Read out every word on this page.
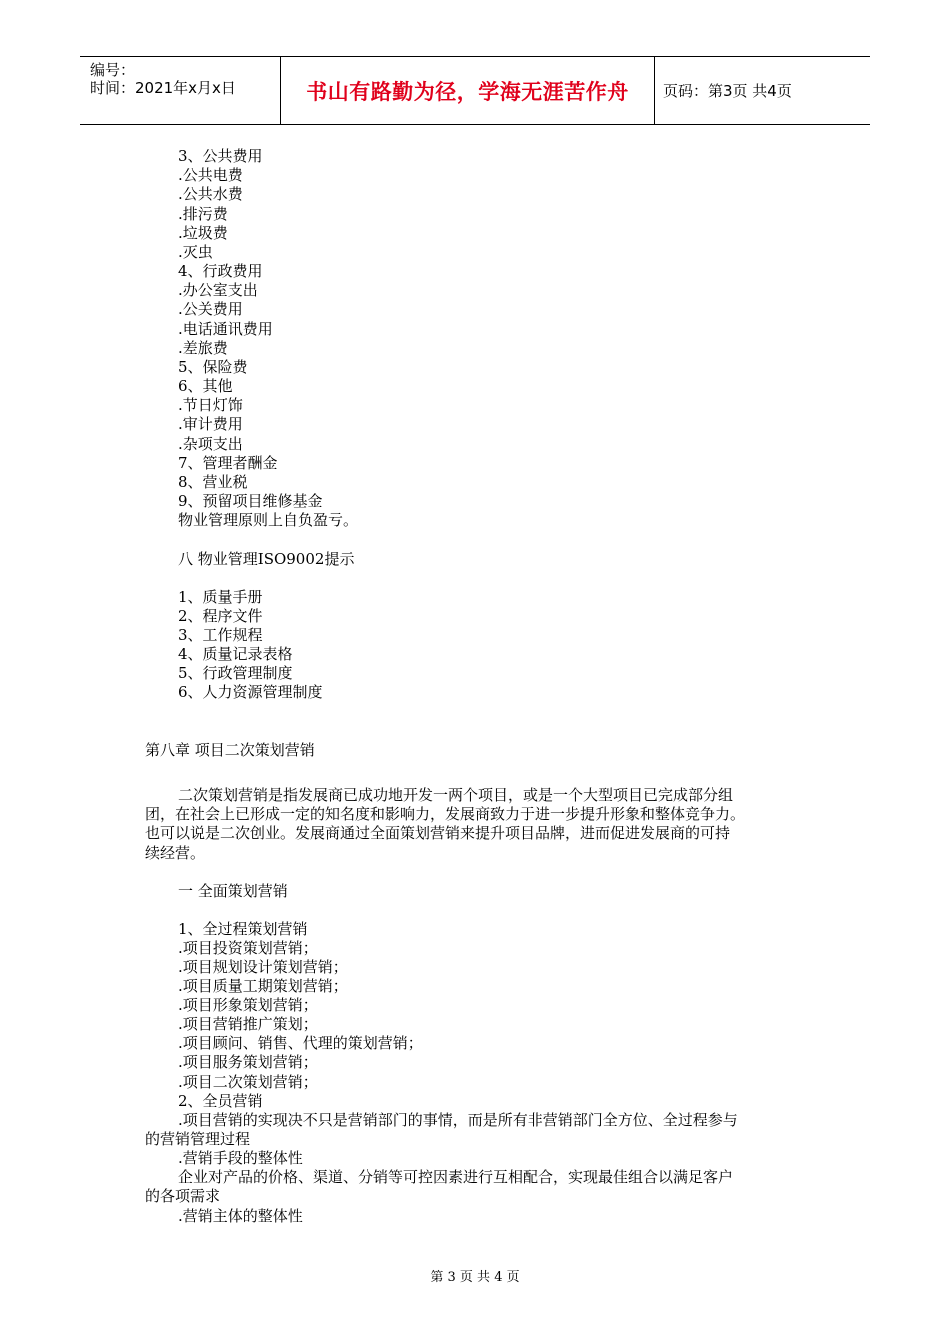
编号：
时间：2021年x月x日	书山有路勤为径，学海无涯苦作舟 页码：第3页 共4页
3、公共费用
.公共电费
.公共水费
.排污费
.垃圾费
.灭虫
4、行政费用
.办公室支出
.公关费用
.电话通讯费用
.差旅费
5、保险费
6、其他
.节日灯饰
.审计费用
.杂项支出
7、管理者酬金
8、营业税
9、预留项目维修基金
物业管理原则上自负盈亏。
八 物业管理ISO9002提示
1、质量手册
2、程序文件
3、工作规程
4、质量记录表格
5、行政管理制度
6、人力资源管理制度
第八章 项目二次策划营销
二次策划营销是指发展商已成功地开发一两个项目，或是一个大型项目已完成部分组
团，在社会上已形成一定的知名度和影响力，发展商致力于进一步提升形象和整体竞争力。
也可以说是二次创业。发展商通过全面策划营销来提升项目品牌，进而促进发展商的可持
续经营。
一 全面策划营销
1、全过程策划营销
.项目投资策划营销；
.项目规划设计策划营销；
.项目质量工期策划营销；
.项目形象策划营销；
.项目营销推广策划；
.项目顾问、销售、代理的策划营销；
.项目服务策划营销；
.项目二次策划营销；
2、全员营销
.项目营销的实现决不只是营销部门的事情，而是所有非营销部门全方位、全过程参与
的营销管理过程
.营销手段的整体性
企业对产品的价格、渠道、分销等可控因素进行互相配合，实现最佳组合以满足客户
的各项需求
.营销主体的整体性
第 3 页 共 4 页
